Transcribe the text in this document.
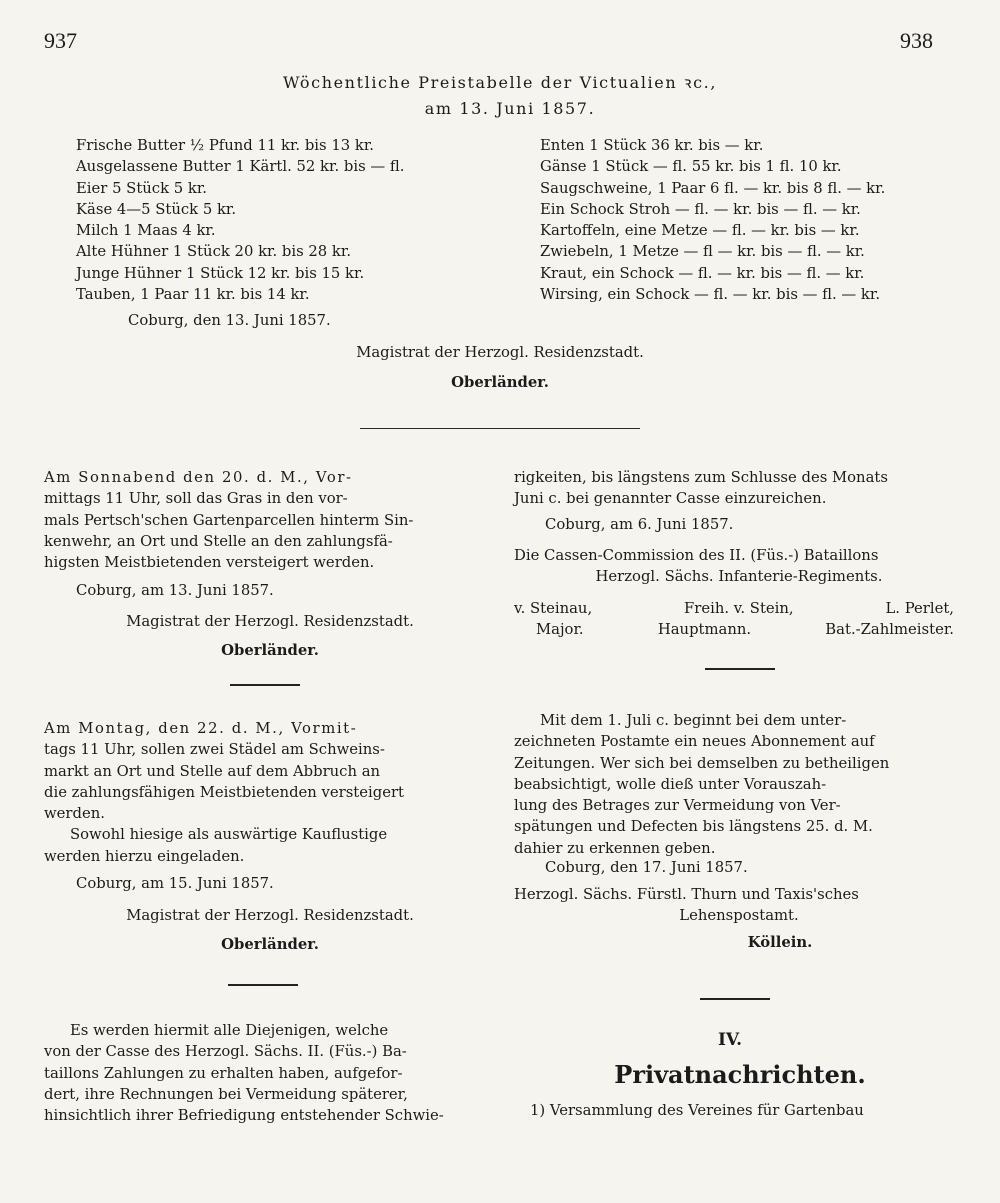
937	938
Wöchentliche Preistabelle der Victualien ꝛc.,
am 13. Juni 1857.
Frische Butter ½ Pfund 11 kr. bis 13 kr.
Ausgelassene Butter 1 Kärtl. 52 kr. bis — fl.
Eier 5 Stück 5 kr.
Käse 4—5 Stück 5 kr.
Milch 1 Maas 4 kr.
Alte Hühner 1 Stück 20 kr. bis 28 kr.
Junge Hühner 1 Stück 12 kr. bis 15 kr.
Tauben, 1 Paar 11 kr. bis 14 kr.
Enten 1 Stück 36 kr. bis — kr.
Gänse 1 Stück — fl. 55 kr. bis 1 fl. 10 kr.
Saugschweine, 1 Paar 6 fl. — kr. bis 8 fl. — kr.
Ein Schock Stroh — fl. — kr. bis — fl. — kr.
Kartoffeln, eine Metze — fl. — kr. bis — kr.
Zwiebeln, 1 Metze — fl — kr. bis — fl. — kr.
Kraut, ein Schock — fl. — kr. bis — fl. — kr.
Wirsing, ein Schock — fl. — kr. bis — fl. — kr.
Coburg, den 13. Juni 1857.
Magistrat der Herzogl. Residenzstadt.
Oberländer.
Am Sonnabend den 20. d. M., Vor-
mittags 11 Uhr, soll das Gras in den vor-
mals Pertsch'schen Gartenparcellen hinterm Sin-
kenwehr, an Ort und Stelle an den zahlungsfä-
higsten Meistbietenden versteigert werden.
Coburg, am 13. Juni 1857.
Magistrat der Herzogl. Residenzstadt.
Oberländer.
Am Montag, den 22. d. M., Vormit-
tags 11 Uhr, sollen zwei Städel am Schweins-
markt an Ort und Stelle auf dem Abbruch an
die zahlungsfähigen Meistbietenden versteigert
werden.
Sowohl hiesige als auswärtige Kauflustige
werden hierzu eingeladen.
Coburg, am 15. Juni 1857.
Magistrat der Herzogl. Residenzstadt.
Oberländer.
Es werden hiermit alle Diejenigen, welche
von der Casse des Herzogl. Sächs. II. (Füs.-) Ba-
taillons Zahlungen zu erhalten haben, aufgefor-
dert, ihre Rechnungen bei Vermeidung späterer,
hinsichtlich ihrer Befriedigung entstehender Schwie-
rigkeiten, bis längstens zum Schlusse des Monats
Juni c. bei genannter Casse einzureichen.
Coburg, am 6. Juni 1857.
Die Cassen-Commission des II. (Füs.-) Bataillons
Herzogl. Sächs. Infanterie-Regiments.
v. Steinau,	Freih. v. Stein,	L. Perlet,
Major.	Hauptmann.	Bat.-Zahlmeister.
Mit dem 1. Juli c. beginnt bei dem unter-
zeichneten Postamte ein neues Abonnement auf
Zeitungen. Wer sich bei demselben zu betheiligen
beabsichtigt, wolle dieß unter Vorauszah-
lung des Betrages zur Vermeidung von Ver-
spätungen und Defecten bis längstens 25. d. M.
dahier zu erkennen geben.
Coburg, den 17. Juni 1857.
Herzogl. Sächs. Fürstl. Thurn und Taxis'sches
Lehenspostamt.
Köllein.
IV.
Privatnachrichten.
1) Versammlung des Vereines für Gartenbau
